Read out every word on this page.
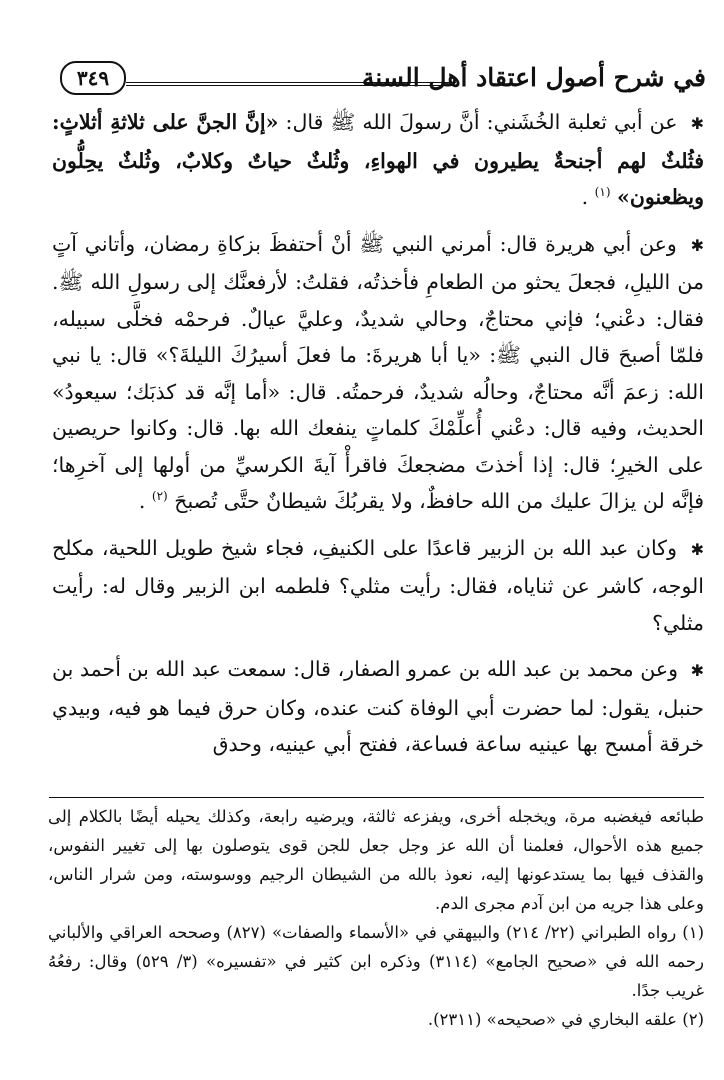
في شرح أصول اعتقاد أهل السنة
٣٤٩

✱ عن أبي ثعلبة الخُشَني: أنَّ رسولَ الله ﷺ قال: «إنَّ الجنَّ على ثلاثةِ أثلاثٍ: فثُلثٌ لهم أجنحةٌ يطيرون في الهواءِ، وثُلثٌ حياتٌ وكلابٌ، وثُلثٌ يحِلُّون ويظعنون» $^{(١)}$ .

✱ وعن أبي هريرة قال: أمرني النبي ﷺ أنْ أحتفظَ بزكاةِ رمضان، وأتاني آتٍ من الليلِ، فجعلَ يحثو من الطعامِ فأخذتُه، فقلتُ: لأرفعنَّك إلى رسولِ الله ﷺ. فقال: دعْني؛ فإني محتاجٌ، وحالي شديدٌ، وعليَّ عيالٌ. فرحمْه فخلَّى سبيله، فلمّا أصبحَ قال النبي ﷺ: «يا أبا هريرةَ: ما فعلَ أسيرُكَ الليلةَ؟» قال: يا نبي الله: زعمَ أنَّه محتاجٌ، وحالُه شديدٌ، فرحمتُه. قال: «أما إنَّه قد كذبَك؛ سيعودُ» الحديث، وفيه قال: دعْني أُعلِّمْكَ كلماتٍ ينفعك الله بها. قال: وكانوا حريصين على الخيرِ؛ قال: إذا أخذتَ مضجعكَ فاقرأْ آيةَ الكرسيِّ من أولها إلى آخرِها؛ فإنَّه لن يزالَ عليك من الله حافظٌ، ولا يقربُكَ شيطانٌ حتَّى تُصبحَ $^{(٢)}$ .

✱ وكان عبد الله بن الزبير قاعدًا على الكنيفِ، فجاء شيخ طويل اللحية، مكلح الوجه، كاشر عن ثناياه، فقال: رأيت مثلي؟ فلطمه ابن الزبير وقال له: رأيت مثلي؟

✱ وعن محمد بن عبد الله بن عمرو الصفار، قال: سمعت عبد الله بن أحمد بن حنبل، يقول: لما حضرت أبي الوفاة كنت عنده، وكان حرق فيما هو فيه، وبيدي خرقة أمسح بها عينيه ساعة فساعة، ففتح أبي عينيه، وحدق

طبائعه فيغضبه مرة، ويخجله أخرى، ويفزعه ثالثة، ويرضيه رابعة، وكذلك يحيله أيضًا بالكلام إلى جميع هذه الأحوال، فعلمنا أن الله عز وجل جعل للجن قوى يتوصلون بها إلى تغيير النفوس، والقذف فيها بما يستدعونها إليه، نعوذ بالله من الشيطان الرجيم ووسوسته، ومن شرار الناس، وعلى هذا جريه من ابن آدم مجرى الدم.

(١) رواه الطبراني (٢٢/ ٢١٤) والبيهقي في «الأسماء والصفات» (٨٢٧) وصححه العراقي والألباني رحمه الله في «صحيح الجامع» (٣١١٤) وذكره ابن كثير في «تفسيره» (٣/ ٥٢٩) وقال: رفعُهُ غريب جدًا.

(٢) علقه البخاري في «صحيحه» (٢٣١١).
